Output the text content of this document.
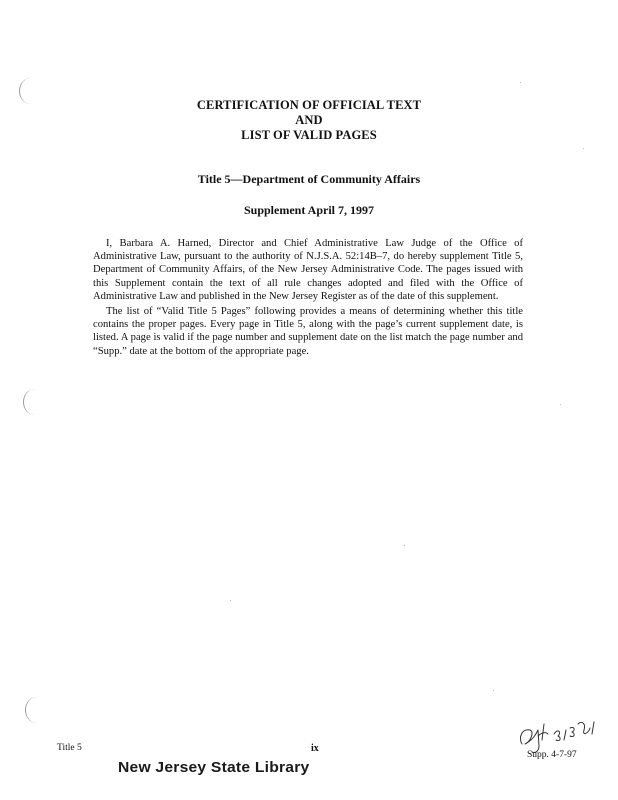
CERTIFICATION OF OFFICIAL TEXT
AND
LIST OF VALID PAGES
Title 5—Department of Community Affairs
Supplement April 7, 1997

I, Barbara A. Harned, Director and Chief Administrative Law Judge of the Office of Administrative Law, pursuant to the authority of N.J.S.A. 52:14B–7, do hereby supplement Title 5, Department of Community Affairs, of the New Jersey Administrative Code. The pages issued with this Supplement contain the text of all rule changes adopted and filed with the Office of Administrative Law and published in the New Jersey Register as of the date of this supplement.

The list of “Valid Title 5 Pages” following provides a means of determining whether this title contains the proper pages. Every page in Title 5, along with the page’s current supplement date, is listed. A page is valid if the page number and supplement date on the list match the page number and “Supp.” date at the bottom of the appropriate page.

Title 5	ix
Supp. 4-7-97
New Jersey State Library
